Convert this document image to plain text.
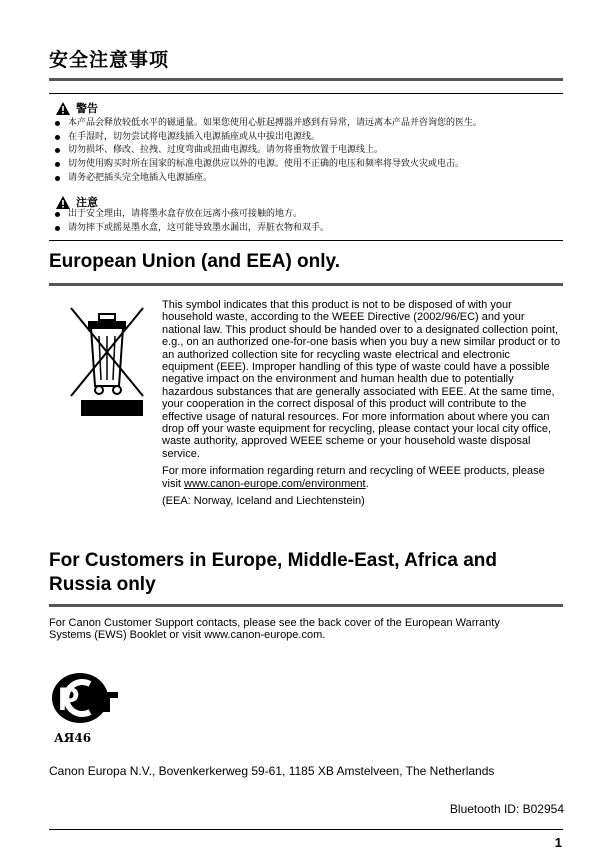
安全注意事项
警告
本产品会释放较低水平的磁通量。如果您使用心脏起搏器并感到有异常，请远离本产品并咨询您的医生。
在手湿时，切勿尝试将电源线插入电源插座或从中拔出电源线。
切勿损坏、修改、拉拽、过度弯曲或扭曲电源线。请勿将重物放置于电源线上。
切勿使用购买时所在国家的标准电源供应以外的电源。使用不正确的电压和频率将导致火灾或电击。
请务必把插头完全地插入电源插座。
注意
出于安全理由，请将墨水盒存放在远离小孩可接触的地方。
请勿摔下或摇晃墨水盒，这可能导致墨水漏出，弄脏衣物和双手。
European Union (and EEA) only.

This symbol indicates that this product is not to be disposed of with your household waste, according to the WEEE Directive (2002/96/EC) and your national law. This product should be handed over to a designated collection point, e.g., on an authorized one-for-one basis when you buy a new similar product or to an authorized collection site for recycling waste electrical and electronic equipment (EEE). Improper handling of this type of waste could have a possible negative impact on the environment and human health due to potentially hazardous substances that are generally associated with EEE. At the same time, your cooperation in the correct disposal of this product will contribute to the effective usage of natural resources. For more information about where you can drop off your waste equipment for recycling, please contact your local city office, waste authority, approved WEEE scheme or your household waste disposal service.

For more information regarding return and recycling of WEEE products, please visit www.canon-europe.com/environment.

(EEA: Norway, Iceland and Liechtenstein)

For Customers in Europe, Middle-East, Africa and
Russia only
For Canon Customer Support contacts, please see the back cover of the European Warranty
Systems (EWS) Booklet or visit www.canon-europe.com.
Р
РСТ
АЯ46
Canon Europa N.V., Bovenkerkerweg 59-61, 1185 XB Amstelveen, The Netherlands
Bluetooth ID: B02954
1
